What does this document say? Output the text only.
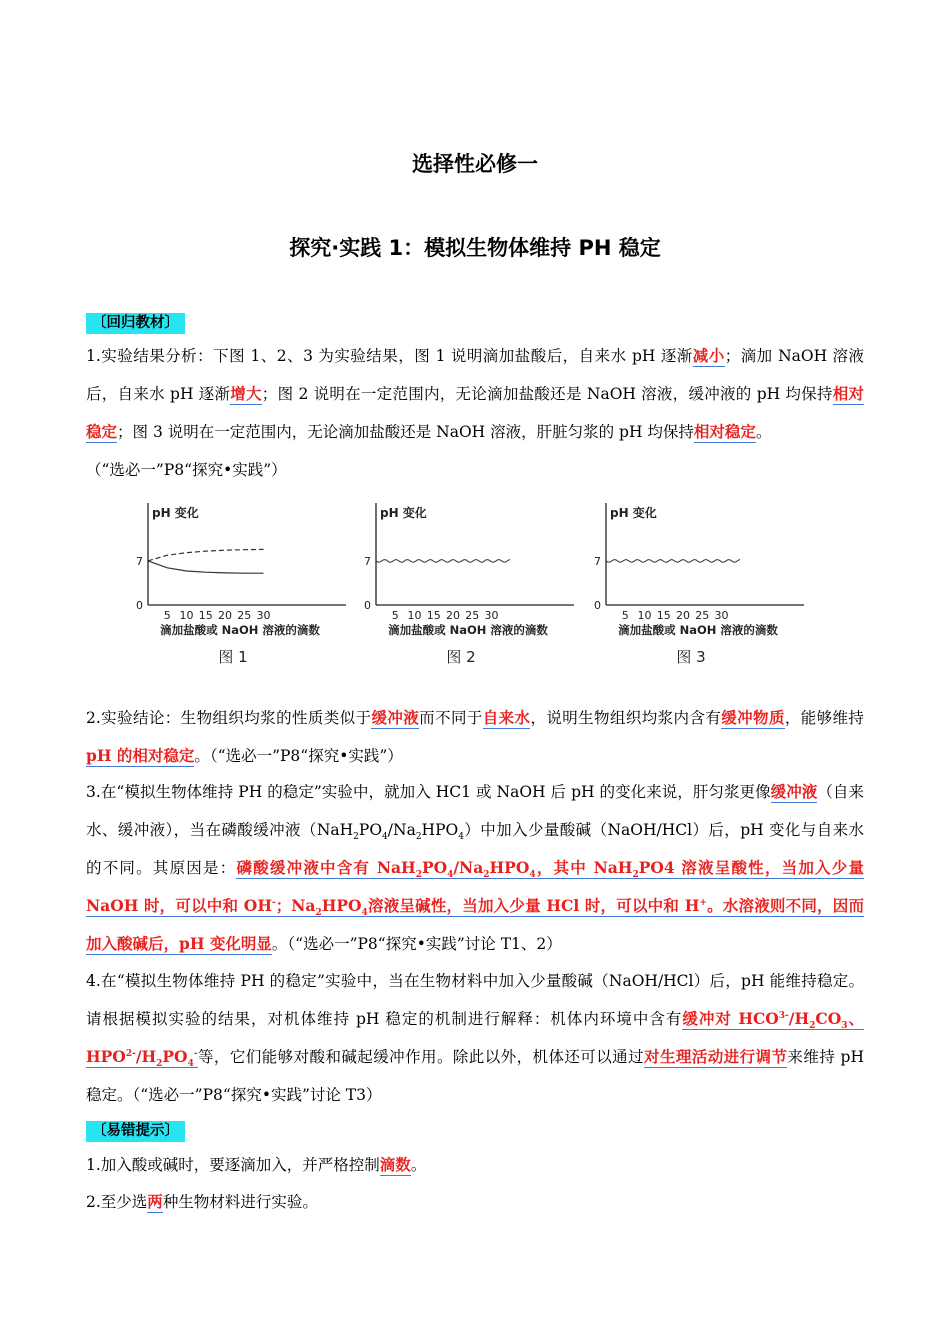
选择性必修一
探究·实践 1：模拟生物体维持 PH 稳定
〔回归教材〕
1.实验结果分析：下图 1、2、3 为实验结果，图 1 说明滴加盐酸后，自来水 pH 逐渐减小；滴加 NaOH 溶液后，自来水 pH 逐渐增大；图 2 说明在一定范围内，无论滴加盐酸还是 NaOH 溶液，缓冲液的 pH 均保持相对稳定；图 3 说明在一定范围内，无论滴加盐酸还是 NaOH 溶液，肝脏匀浆的 pH 均保持相对稳定。
（“选必一”P8“探究•实践”）
pH 变化
7
0
5 10 15 20 25 30
滴加盐酸或 NaOH 溶液的滴数
图 1
pH 变化
7
0
5 10 15 20 25 30
滴加盐酸或 NaOH 溶液的滴数
图 2
pH 变化
7
0
5 10 15 20 25 30
滴加盐酸或 NaOH 溶液的滴数
图 3
2.实验结论：生物组织均浆的性质类似于缓冲液而不同于自来水，说明生物组织均浆内含有缓冲物质，能够维持 pH 的相对稳定。（“选必一”P8“探究•实践”）
3.在“模拟生物体维持 PH 的稳定”实验中，就加入 HC1 或 NaOH 后 pH 的变化来说，肝匀浆更像缓冲液（自来水、缓冲液），当在磷酸缓冲液$(NaH_2PO_4/Na_2HPO_4)$中加入少量酸碱（NaOH/HCl）后，pH 变化与自来水的不同。其原因是：磷酸缓冲液中含有 $NaH_2PO_4/Na_2HPO_4$，其中 NaH$_2$PO4 溶液呈酸性，当加入少量 NaOH 时，可以中和 OH-；$Na_2HPO_4$溶液呈碱性，当加入少量 HCl 时，可以中和 H+。水溶液则不同，因而加入酸碱后，pH 变化明显。（“选必一”P8“探究•实践”讨论 T1、2）
4.在“模拟生物体维持 PH 的稳定”实验中，当在生物材料中加入少量酸碱（NaOH/HCl）后，pH 能维持稳定。请根据模拟实验的结果，对机体维持 pH 稳定的机制进行解释：机体内环境中含有缓冲对 $HCO^{3-}/H_2CO_3$、$HPO^{2-}/H_2PO_4^-$等，它们能够对酸和碱起缓冲作用。除此以外，机体还可以通过对生理活动进行调节来维持 pH 稳定。（“选必一”P8“探究•实践”讨论 T3）
〔易错提示〕
1.加入酸或碱时，要逐滴加入，并严格控制滴数。
2.至少选两种生物材料进行实验。
